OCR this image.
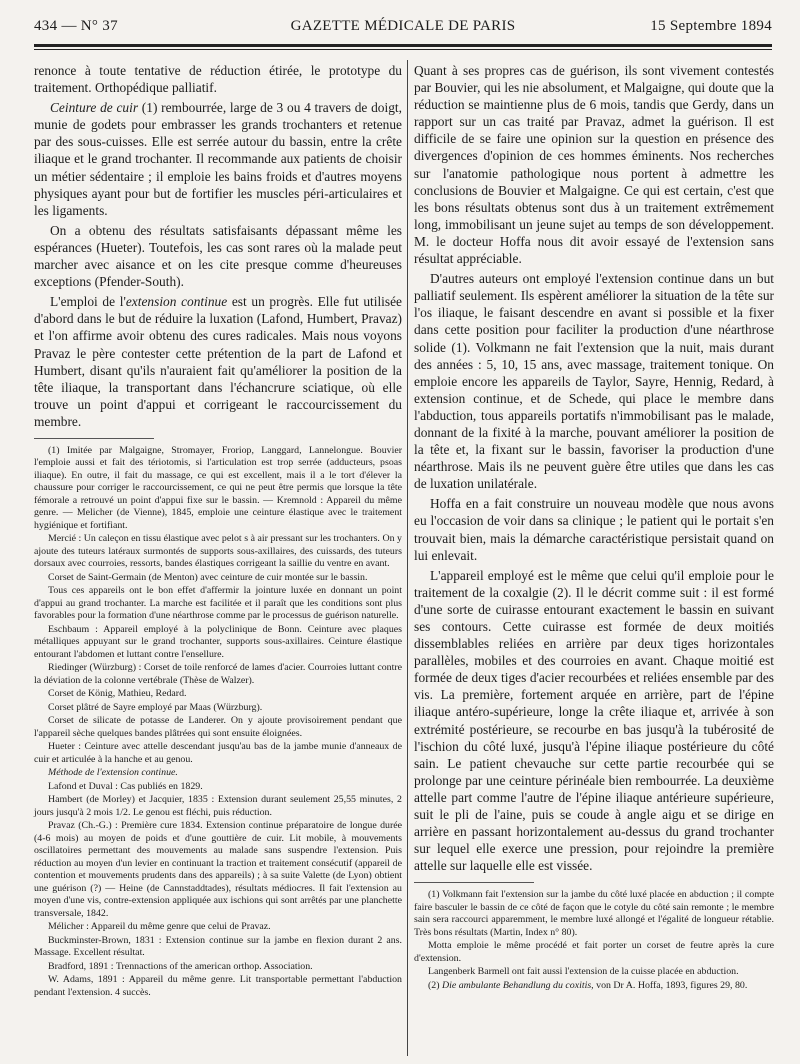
434 — N° 37	GAZETTE MÉDICALE DE PARIS	15 Septembre 1894

renonce à toute tentative de réduction étirée, le prototype du traitement. Orthopédique palliatif.

Ceinture de cuir (1) rembourrée, large de 3 ou 4 travers de doigt, munie de godets pour embrasser les grands trochanters et retenue par des sous-cuisses. Elle est serrée autour du bassin, entre la crête iliaque et le grand trochanter. Il recommande aux patients de choisir un métier sédentaire ; il emploie les bains froids et d'autres moyens physiques ayant pour but de fortifier les muscles péri-articulaires et les ligaments.

On a obtenu des résultats satisfaisants dépassant même les espérances (Hueter). Toutefois, les cas sont rares où la malade peut marcher avec aisance et on les cite presque comme d'heureuses exceptions (Pfender-South).

L'emploi de l'extension continue est un progrès. Elle fut utilisée d'abord dans le but de réduire la luxation (Lafond, Humbert, Pravaz) et l'on affirme avoir obtenu des cures radicales. Mais nous voyons Pravaz le père contester cette prétention de la part de Lafond et Humbert, disant qu'ils n'auraient fait qu'améliorer la position de la tête iliaque, la transportant dans l'échancrure sciatique, où elle trouve un point d'appui et corrigeant le raccourcissement du membre.

(1) Imitée par Malgaigne, Stromayer, Froriop, Langgard, Lannelongue. Bouvier l'emploie aussi et fait des tériotomis, si l'articulation est trop serrée (adducteurs, psoas iliaque). En outre, il fait du massage, ce qui est excellent, mais il a le tort d'élever la chaussure pour corriger le raccourcissement, ce qui ne peut être permis que lorsque la tête fémorale a retrouvé un point d'appui fixe sur le bassin. — Kremnold : Appareil du même genre. — Melicher (de Vienne), 1845, emploie une ceinture élastique avec le traitement hygiénique et fortifiant.

Mercié : Un caleçon en tissu élastique avec pelot s à air pressant sur les trochanters. On y ajoute des tuteurs latéraux surmontés de supports sous-axillaires, des cuissards, des tuteurs dorsaux avec courroies, ressorts, bandes élastiques corrigeant la saillie du ventre en avant.

Corset de Saint-Germain (de Menton) avec ceinture de cuir montée sur le bassin.

Tous ces appareils ont le bon effet d'affermir la jointure luxée en donnant un point d'appui au grand trochanter. La marche est facilitée et il paraît que les conditions sont plus favorables pour la formation d'une néarthrose comme par le processus de guérison naturelle.

Eschbaum : Appareil employé à la polyclinique de Bonn. Ceinture avec plaques métalliques appuyant sur le grand trochanter, supports sous-axillaires. Ceinture élastique entourant l'abdomen et luttant contre l'ensellure.

Riedinger (Würzburg) : Corset de toile renforcé de lames d'acier. Courroies luttant contre la déviation de la colonne vertébrale (Thèse de Walzer).

Corset de König, Mathieu, Redard.

Corset plâtré de Sayre employé par Maas (Würzburg).

Corset de silicate de potasse de Landerer. On y ajoute provisoirement pendant que l'appareil sèche quelques bandes plâtrées qui sont ensuite éloignées.

Hueter : Ceinture avec attelle descendant jusqu'au bas de la jambe munie d'anneaux de cuir et articulée à la hanche et au genou.

Méthode de l'extension continue.

Lafond et Duval : Cas publiés en 1829.

Hambert (de Morley) et Jacquier, 1835 : Extension durant seulement 25,55 minutes, 2 jours jusqu'à 2 mois 1/2. Le genou est fléchi, puis réduction.

Pravaz (Ch.-G.) : Première cure 1834. Extension continue préparatoire de longue durée (4-6 mois) au moyen de poids et d'une gouttière de cuir. Lit mobile, à mouvements oscillatoires permettant des mouvements au malade sans suspendre l'extension. Puis réduction au moyen d'un levier en continuant la traction et traitement consécutif (appareil de contention et mouvements prudents dans des appareils) ; à sa suite Valette (de Lyon) obtient une guérison (?) — Heine (de Cannstaddtades), résultats médiocres. Il fait l'extension au moyen d'une vis, contre-extension appliquée aux ischions qui sont arrêtés par une planchette transversale, 1842.

Mélicher : Appareil du même genre que celui de Pravaz.

Buckminster-Brown, 1831 : Extension continue sur la jambe en flexion durant 2 ans. Massage. Excellent résultat.

Bradford, 1891 : Trennactions of the american orthop. Association.

W. Adams, 1891 : Appareil du même genre. Lit transportable permettant l'abduction pendant l'extension. 4 succès.

Quant à ses propres cas de guérison, ils sont vivement contestés par Bouvier, qui les nie absolument, et Malgaigne, qui doute que la réduction se maintienne plus de 6 mois, tandis que Gerdy, dans un rapport sur un cas traité par Pravaz, admet la guérison. Il est difficile de se faire une opinion sur la question en présence des divergences d'opinion de ces hommes éminents. Nos recherches sur l'anatomie pathologique nous portent à admettre les conclusions de Bouvier et Malgaigne. Ce qui est certain, c'est que les bons résultats obtenus sont dus à un traitement extrêmement long, immobilisant un jeune sujet au temps de son développement. M. le docteur Hoffa nous dit avoir essayé de l'extension sans résultat appréciable.

D'autres auteurs ont employé l'extension continue dans un but palliatif seulement. Ils espèrent améliorer la situation de la tête sur l'os iliaque, le faisant descendre en avant si possible et la fixer dans cette position pour faciliter la production d'une néarthrose solide (1). Volkmann ne fait l'extension que la nuit, mais durant des années : 5, 10, 15 ans, avec massage, traitement tonique. On emploie encore les appareils de Taylor, Sayre, Hennig, Redard, à extension continue, et de Schede, qui place le membre dans l'abduction, tous appareils portatifs n'immobilisant pas le malade, donnant de la fixité à la marche, pouvant améliorer la position de la tête et, la fixant sur le bassin, favoriser la production d'une néarthrose. Mais ils ne peuvent guère être utiles que dans les cas de luxation unilatérale.

Hoffa en a fait construire un nouveau modèle que nous avons eu l'occasion de voir dans sa clinique ; le patient qui le portait s'en trouvait bien, mais la démarche caractéristique persistait quand on lui enlevait.

L'appareil employé est le même que celui qu'il emploie pour le traitement de la coxalgie (2). Il le décrit comme suit : il est formé d'une sorte de cuirasse entourant exactement le bassin en suivant ses contours. Cette cuirasse est formée de deux moitiés dissemblables reliées en arrière par deux tiges horizontales parallèles, mobiles et des courroies en avant. Chaque moitié est formée de deux tiges d'acier recourbées et reliées ensemble par des vis. La première, fortement arquée en arrière, part de l'épine iliaque antéro-supérieure, longe la crête iliaque et, arrivée à son extrémité postérieure, se recourbe en bas jusqu'à la tubérosité de l'ischion du côté luxé, jusqu'à l'épine iliaque postérieure du côté sain. Le patient chevauche sur cette partie recourbée qui se prolonge par une ceinture périnéale bien rembourrée. La deuxième attelle part comme l'autre de l'épine iliaque antérieure supérieure, suit le pli de l'aine, puis se coude à angle aigu et se dirige en arrière en passant horizontalement au-dessus du grand trochanter sur lequel elle exerce une pression, pour rejoindre la première attelle sur laquelle elle est vissée.

(1) Volkmann fait l'extension sur la jambe du côté luxé placée en abduction ; il compte faire basculer le bassin de ce côté de façon que le cotyle du côté sain remonte ; le membre sain sera raccourci apparemment, le membre luxé allongé et l'égalité de longueur rétablie. Très bons résultats (Martin, Index n° 80).

Motta emploie le même procédé et fait porter un corset de feutre après la cure d'extension.

Langenberk Barmell ont fait aussi l'extension de la cuisse placée en abduction.

(2) Die ambulante Behandlung du coxitis, von Dr A. Hoffa, 1893, figures 29, 80.
